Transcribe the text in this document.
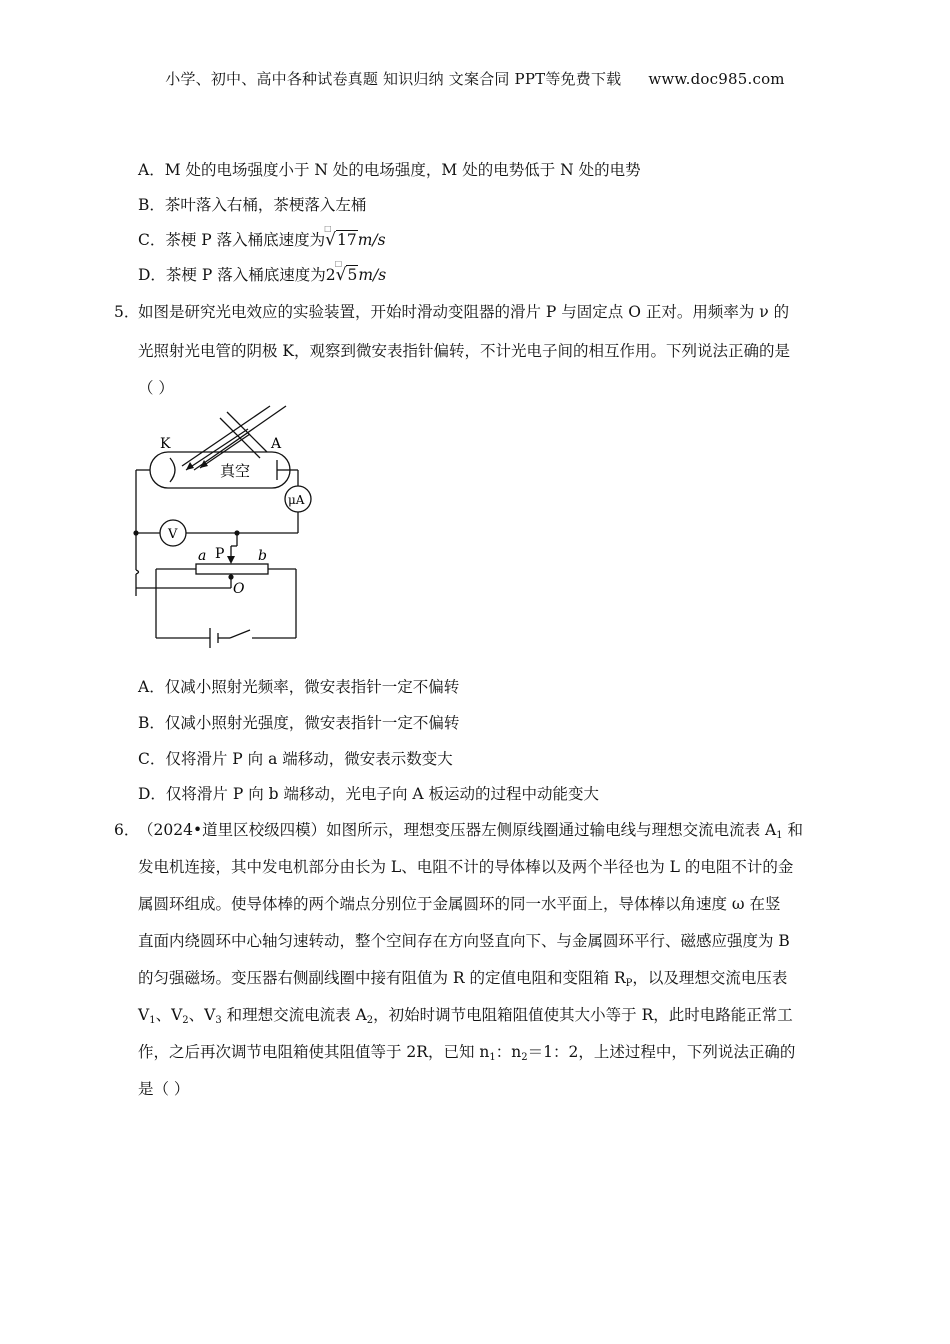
小学、初中、高中各种试卷真题 知识归纳 文案合同 PPT等免费下载 www.doc985.com
A．M 处的电场强度小于 N 处的电场强度，M 处的电势低于 N 处的电势
B．茶叶落入右桶，茶梗落入左桶
C．茶梗 P 落入桶底速度为
□
√17m/s
D．茶梗 P 落入桶底速度为2
□
√5m/s
5．
如图是研究光电效应的实验装置，开始时滑动变阻器的滑片 P 与固定点 O 正对。用频率为 ν 的
光照射光电管的阴极 K，观察到微安表指针偏转，不计光电子间的相互作用。下列说法正确的是
（ ）
K	A
真空
μA
V
a P b
O
A．仅减小照射光频率，微安表指针一定不偏转
B．仅减小照射光强度，微安表指针一定不偏转
C．仅将滑片 P 向 a 端移动，微安表示数变大
D．仅将滑片 P 向 b 端移动，光电子向 A 板运动的过程中动能变大
6．
（2024•道里区校级四模）如图所示，理想变压器左侧原线圈通过输电线与理想交流电流表 $A_1$ 和
发电机连接，其中发电机部分由长为 L、电阻不计的导体棒以及两个半径也为 L 的电阻不计的金
属圆环组成。使导体棒的两个端点分别位于金属圆环的同一水平面上，导体棒以角速度 ω 在竖
直面内绕圆环中心轴匀速转动，整个空间存在方向竖直向下、与金属圆环平行、磁感应强度为 B
的匀强磁场。变压器右侧副线圈中接有阻值为 R 的定值电阻和变阻箱 $R_P$，以及理想交流电压表
$V_1$、$V_2$、$V_3$ 和理想交流电流表 $A_2$，初始时调节电阻箱阻值使其大小等于 R，此时电路能正常工
作，之后再次调节电阻箱使其阻值等于 2R，已知 $n_1$：$n_2=1$：2，上述过程中，下列说法正确的
是（ ）
